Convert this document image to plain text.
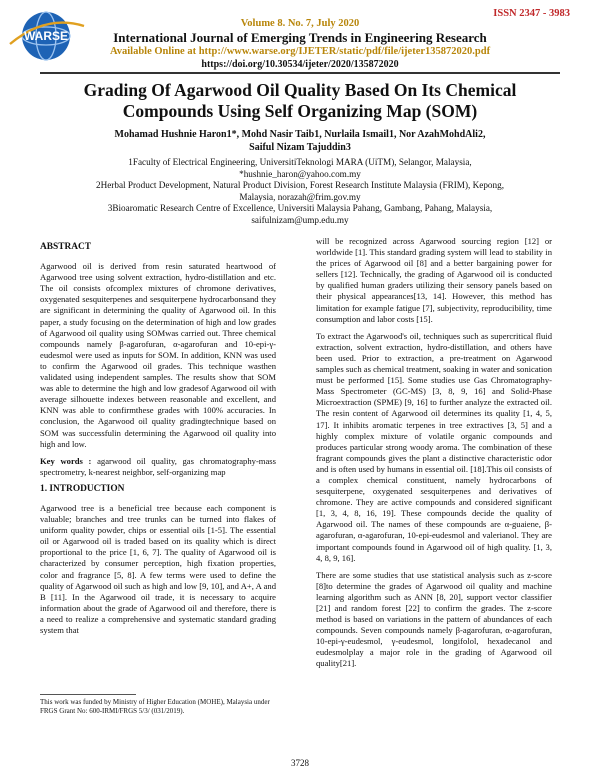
WARSE
ISSN 2347 - 3983
Volume 8. No. 7, July 2020
International Journal of Emerging Trends in Engineering Research
Available Online at http://www.warse.org/IJETER/static/pdf/file/ijeter135872020.pdf
https://doi.org/10.30534/ijeter/2020/135872020
Grading Of Agarwood Oil Quality Based On Its Chemical Compounds Using Self Organizing Map (SOM)
Mohamad Hushnie Haron1*, Mohd Nasir Taib1, Nurlaila Ismail1, Nor AzahMohdAli2,
Saiful Nizam Tajuddin3
1Faculty of Electrical Engineering, UniversitiTeknologi MARA (UiTM), Selangor, Malaysia,
*hushnie_haron@yahoo.com.my
2Herbal Product Development, Natural Product Division, Forest Research Institute Malaysia (FRIM), Kepong,
Malaysia, norazah@frim.gov.my
3Bioaromatic Research Centre of Excellence, Universiti Malaysia Pahang, Gambang, Pahang, Malaysia,
saifulnizam@ump.edu.my
ABSTRACT

Agarwood oil is derived from resin saturated heartwood of Agarwood tree using solvent extraction, hydro-distillation and etc. The oil consists ofcomplex mixtures of chromone derivatives, oxygenated sesquiterpenes and sesquiterpene hydrocarbonsand they are significant in determining the quality of Agarwood oil. In this paper, a study focusing on the determination of high and low grades of Agarwood oil quality using SOMwas carried out. Three chemical compounds namely β-agarofuran, α-agarofuran and 10-epi-γ-eudesmol were used as inputs for SOM. In addition, KNN was used to confirm the Agarwood oil grades. This technique wasthen validated using independent samples. The results show that SOM was able to determine the high and low gradesof Agarwood oil with average silhouette indexes between reasonable and excellent, and KNN was able to confirmthese grades with 100% accuracies. In conclusion, the Agarwood oil quality gradingtechnique based on SOM was successfulin determining the Agarwood oil quality into high and low.

Key words : agarwood oil quality, gas chromatography-mass spectrometry, k-nearest neighbor, self-organizing map

1. INTRODUCTION

Agarwood tree is a beneficial tree because each component is valuable; branches and tree trunks can be turned into flakes of uniform quality powder, chips or essential oils [1-5]. The essential oil or Agarwood oil is traded based on its quality which is direct proportional to the price [1, 6, 7]. The quality of Agarwood oil is characterized by consumer perception, high fixation properties, color and fragrance [5, 8]. A few terms were used to define the quality of Agarwood oil such as high and low [9, 10], and A+, A and B [11]. In the Agarwood oil trade, it is necessary to acquire information about the grade of Agarwood oil and therefore, there is a need to realize a comprehensive and systematic standard grading system that

This work was funded by Ministry of Higher Education (MOHE), Malaysia under FRGS Grant No: 600-IRMI/FRGS 5/3/ (031/2019).

will be recognized across Agarwood sourcing region [12] or worldwide [1]. This standard grading system will lead to stability in the prices of Agarwood oil [8] and a better bargaining power for sellers [12]. Technically, the grading of Agarwood oil is conducted by qualified human graders utilizing their sensory panels based on their physical appearances[13, 14]. However, this method has limitation for example fatigue [7], subjectivity, reproducibility, time consumption and labor costs [15].

To extract the Agarwood's oil, techniques such as supercritical fluid extraction, solvent extraction, hydro-distillation, and others have been used. Prior to extraction, a pre-treatment on Agarwood samples such as chemical treatment, soaking in water and sonication must be performed [15]. Some studies use Gas Chromatography-Mass Spectrometer (GC-MS) [3, 8, 9, 16] and Solid-Phase Microextraction (SPME) [9, 16] to further analyze the extracted oil. The resin content of Agarwood oil determines its quality [1, 4, 5, 17]. It inhibits aromatic terpenes in tree extractives [3, 5] and a highly complex mixture of volatile organic compounds and produces particular strong woody aroma. The combination of these fragrant compounds gives the plant a distinctive characteristic odor and is often used by humans in essential oil. [18].This oil consists of a complex chemical constituent, namely hydrocarbons of sesquiterpene, oxygenated sesquiterpenes and derivatives of chromone. They are active compounds and considered significant [1, 3, 4, 8, 16, 19]. These compounds decide the quality of Agarwood oil. The names of these compounds are α-guaiene, β-agarofuran, α-agarofuran, 10-epi-eudesmol and valerianol. They are important compounds found in Agarwood oil of high quality. [1, 3, 4, 8, 9, 16].

There are some studies that use statistical analysis such as z-score [8]to determine the grades of Agarwood oil quality and machine learning algorithm such as ANN [8, 20], support vector classifier [21] and random forest [22] to confirm the grades. The z-score method is based on variations in the pattern of abundances of each compounds. Seven compounds namely β-agarofuran, α-agarofuran, 10-epi-γ-eudesmol, γ-eudesmol, longifolol, hexadecanol and eudesmolplay a major role in the grading of Agarwood oil quality[21].

3728
